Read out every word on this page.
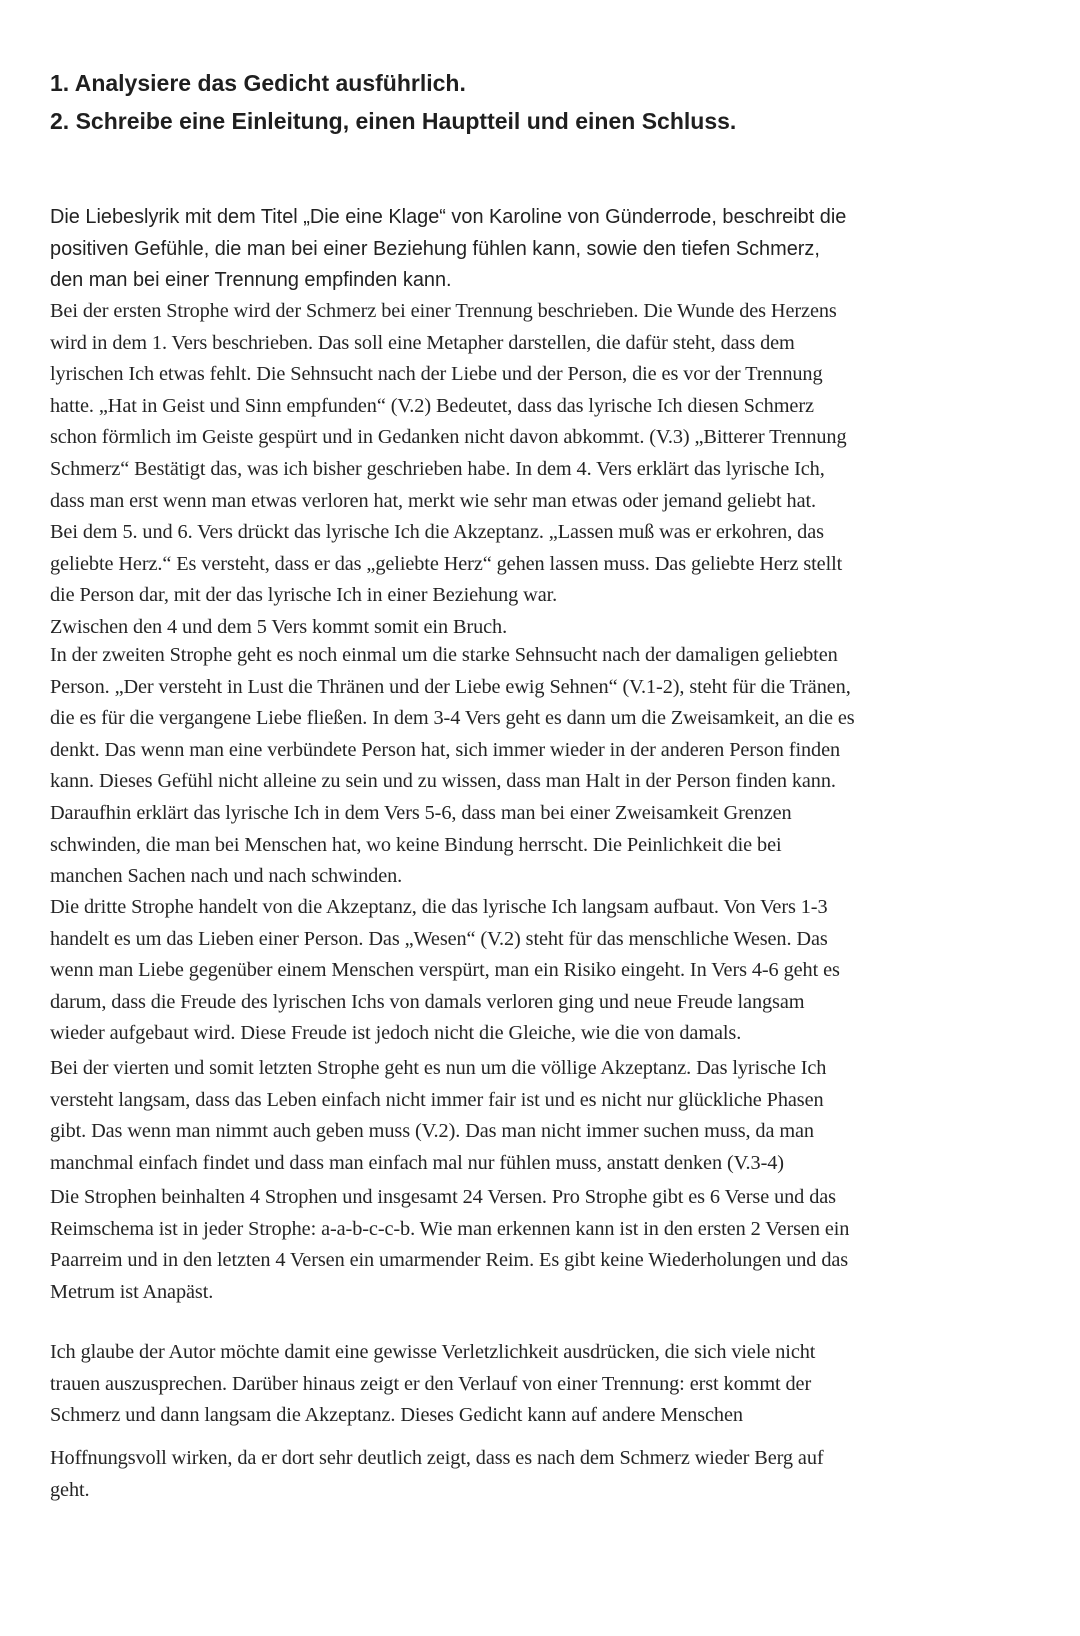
1. Analysiere das Gedicht ausführlich.
2. Schreibe eine Einleitung, einen Hauptteil und einen Schluss.

Die Liebeslyrik mit dem Titel „Die eine Klage“ von Karoline von Günderrode, beschreibt die
positiven Gefühle, die man bei einer Beziehung fühlen kann, sowie den tiefen Schmerz,
den man bei einer Trennung empfinden kann.

Bei der ersten Strophe wird der Schmerz bei einer Trennung beschrieben. Die Wunde des Herzens
wird in dem 1. Vers beschrieben. Das soll eine Metapher darstellen, die dafür steht, dass dem
lyrischen Ich etwas fehlt. Die Sehnsucht nach der Liebe und der Person, die es vor der Trennung
hatte. „Hat in Geist und Sinn empfunden“ (V.2) Bedeutet, dass das lyrische Ich diesen Schmerz
schon förmlich im Geiste gespürt und in Gedanken nicht davon abkommt. (V.3) „Bitterer Trennung
Schmerz“ Bestätigt das, was ich bisher geschrieben habe. In dem 4. Vers erklärt das lyrische Ich,
dass man erst wenn man etwas verloren hat, merkt wie sehr man etwas oder jemand geliebt hat.
Bei dem 5. und 6. Vers drückt das lyrische Ich die Akzeptanz. „Lassen muß was er erkohren, das
geliebte Herz.“ Es versteht, dass er das „geliebte Herz“ gehen lassen muss. Das geliebte Herz stellt
die Person dar, mit der das lyrische Ich in einer Beziehung war.
Zwischen den 4 und dem 5 Vers kommt somit ein Bruch.

In der zweiten Strophe geht es noch einmal um die starke Sehnsucht nach der damaligen geliebten
Person. „Der versteht in Lust die Thränen und der Liebe ewig Sehnen“ (V.1-2), steht für die Tränen,
die es für die vergangene Liebe fließen. In dem 3-4 Vers geht es dann um die Zweisamkeit, an die es
denkt. Das wenn man eine verbündete Person hat, sich immer wieder in der anderen Person finden
kann. Dieses Gefühl nicht alleine zu sein und zu wissen, dass man Halt in der Person finden kann.
Daraufhin erklärt das lyrische Ich in dem Vers 5-6, dass man bei einer Zweisamkeit Grenzen
schwinden, die man bei Menschen hat, wo keine Bindung herrscht. Die Peinlichkeit die bei
manchen Sachen nach und nach schwinden.

Die dritte Strophe handelt von die Akzeptanz, die das lyrische Ich langsam aufbaut. Von Vers 1-3
handelt es um das Lieben einer Person. Das „Wesen“ (V.2) steht für das menschliche Wesen. Das
wenn man Liebe gegenüber einem Menschen verspürt, man ein Risiko eingeht. In Vers 4-6 geht es
darum, dass die Freude des lyrischen Ichs von damals verloren ging und neue Freude langsam
wieder aufgebaut wird. Diese Freude ist jedoch nicht die Gleiche, wie die von damals.

Bei der vierten und somit letzten Strophe geht es nun um die völlige Akzeptanz. Das lyrische Ich
versteht langsam, dass das Leben einfach nicht immer fair ist und es nicht nur glückliche Phasen
gibt. Das wenn man nimmt auch geben muss (V.2). Das man nicht immer suchen muss, da man
manchmal einfach findet und dass man einfach mal nur fühlen muss, anstatt denken (V.3-4)

Die Strophen beinhalten 4 Strophen und insgesamt 24 Versen. Pro Strophe gibt es 6 Verse und das
Reimschema ist in jeder Strophe: a-a-b-c-c-b. Wie man erkennen kann ist in den ersten 2 Versen ein
Paarreim und in den letzten 4 Versen ein umarmender Reim. Es gibt keine Wiederholungen und das
Metrum ist Anapäst.

Ich glaube der Autor möchte damit eine gewisse Verletzlichkeit ausdrücken, die sich viele nicht
trauen auszusprechen. Darüber hinaus zeigt er den Verlauf von einer Trennung: erst kommt der
Schmerz und dann langsam die Akzeptanz. Dieses Gedicht kann auf andere Menschen

Hoffnungsvoll wirken, da er dort sehr deutlich zeigt, dass es nach dem Schmerz wieder Berg auf
geht.
